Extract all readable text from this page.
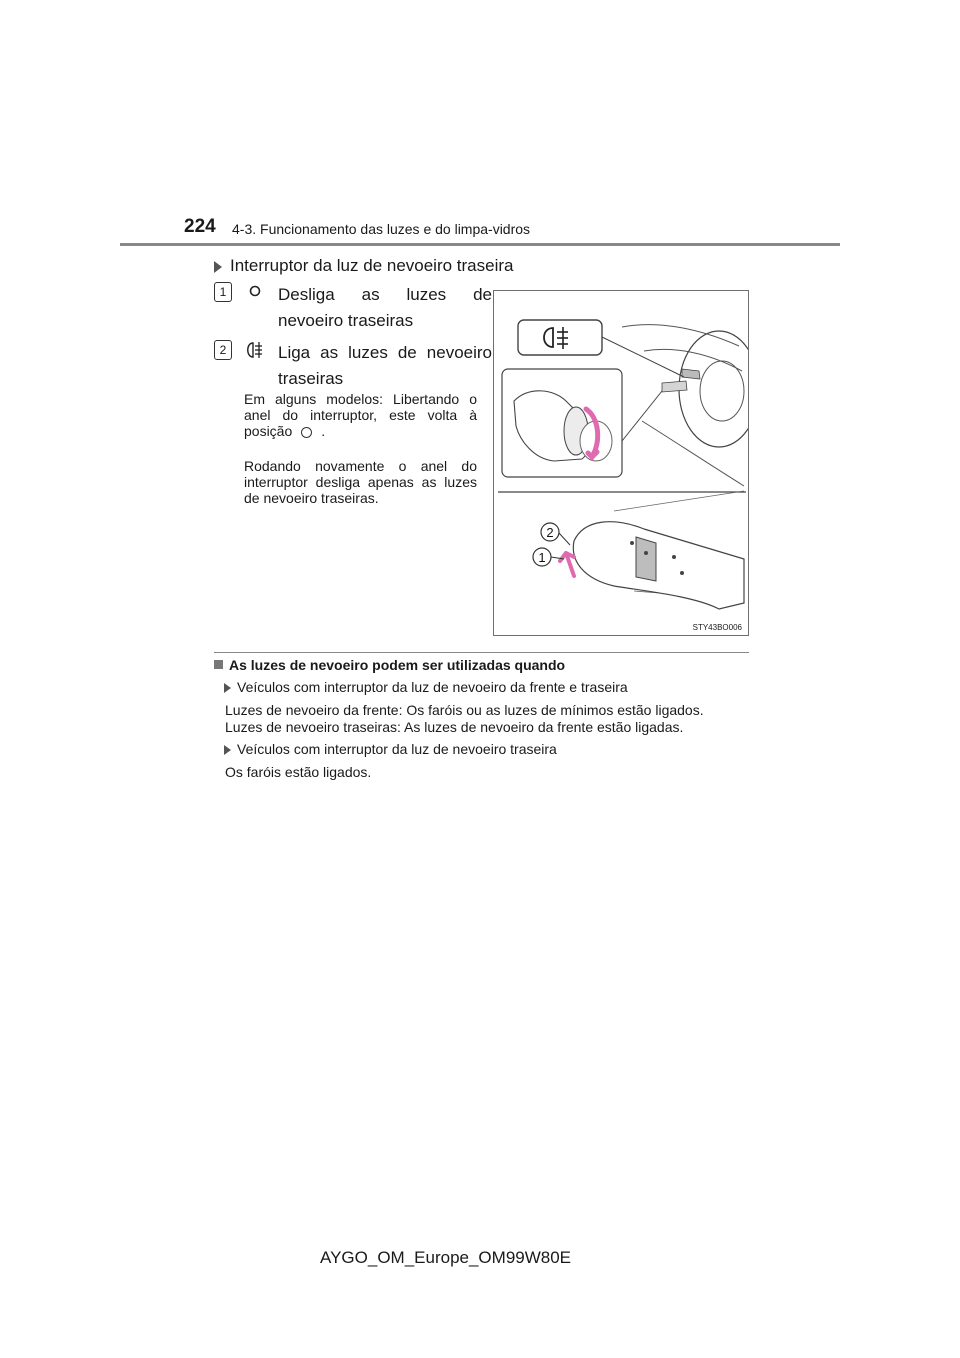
224 4-3. Funcionamento das luzes e do limpa-vidros
Interruptor da luz de nevoeiro traseira
1	Desliga as luzes de nevoeiro traseiras
2	Liga as luzes de nevoeiro traseiras
Em alguns modelos: Libertando o anel do interruptor, este volta à posição .
Rodando novamente o anel do interruptor desliga apenas as luzes de nevoeiro traseiras.
2
1
STY43BO006
As luzes de nevoeiro podem ser utilizadas quando
Veículos com interruptor da luz de nevoeiro da frente e traseira
Luzes de nevoeiro da frente: Os faróis ou as luzes de mínimos estão ligados.
Luzes de nevoeiro traseiras: As luzes de nevoeiro da frente estão ligadas.
Veículos com interruptor da luz de nevoeiro traseira
Os faróis estão ligados.
AYGO_OM_Europe_OM99W80E
